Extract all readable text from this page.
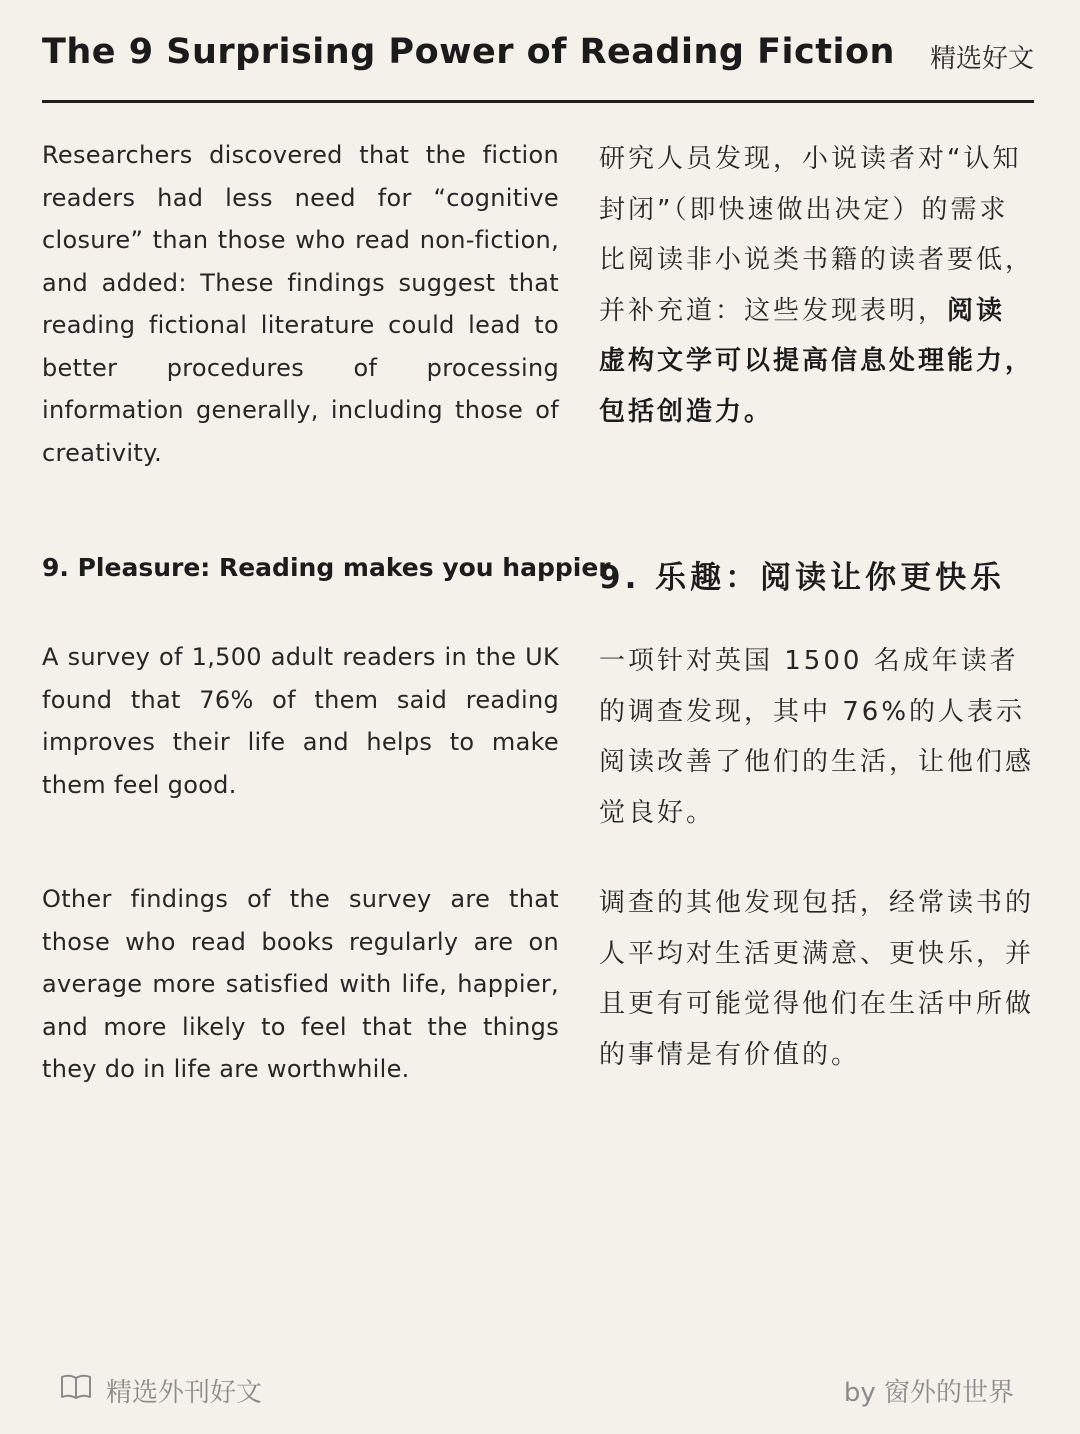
The 9 Surprising Power of Reading Fiction 精选好文
Researchers discovered that the fiction readers had less need for “cognitive closure” than those who read non-fiction, and added: These findings suggest that reading fictional literature could lead to better procedures of processing information generally, including those of creativity.
研究人员发现，小说读者对“认知封闭”（即快速做出决定）的需求比阅读非小说类书籍的读者要低，并补充道：这些发现表明，阅读虚构文学可以提高信息处理能力，包括创造力。
9. Pleasure: Reading makes you happier
9. 乐趣：阅读让你更快乐
A survey of 1,500 adult readers in the UK found that 76% of them said reading improves their life and helps to make them feel good.
一项针对英国 1500 名成年读者的调查发现，其中 76%的人表示阅读改善了他们的生活，让他们感觉良好。
Other findings of the survey are that those who read books regularly are on average more satisfied with life, happier, and more likely to feel that the things they do in life are worthwhile.
调查的其他发现包括，经常读书的人平均对生活更满意、更快乐，并且更有可能觉得他们在生活中所做的事情是有价值的。
精选外刊好文	by 窗外的世界
